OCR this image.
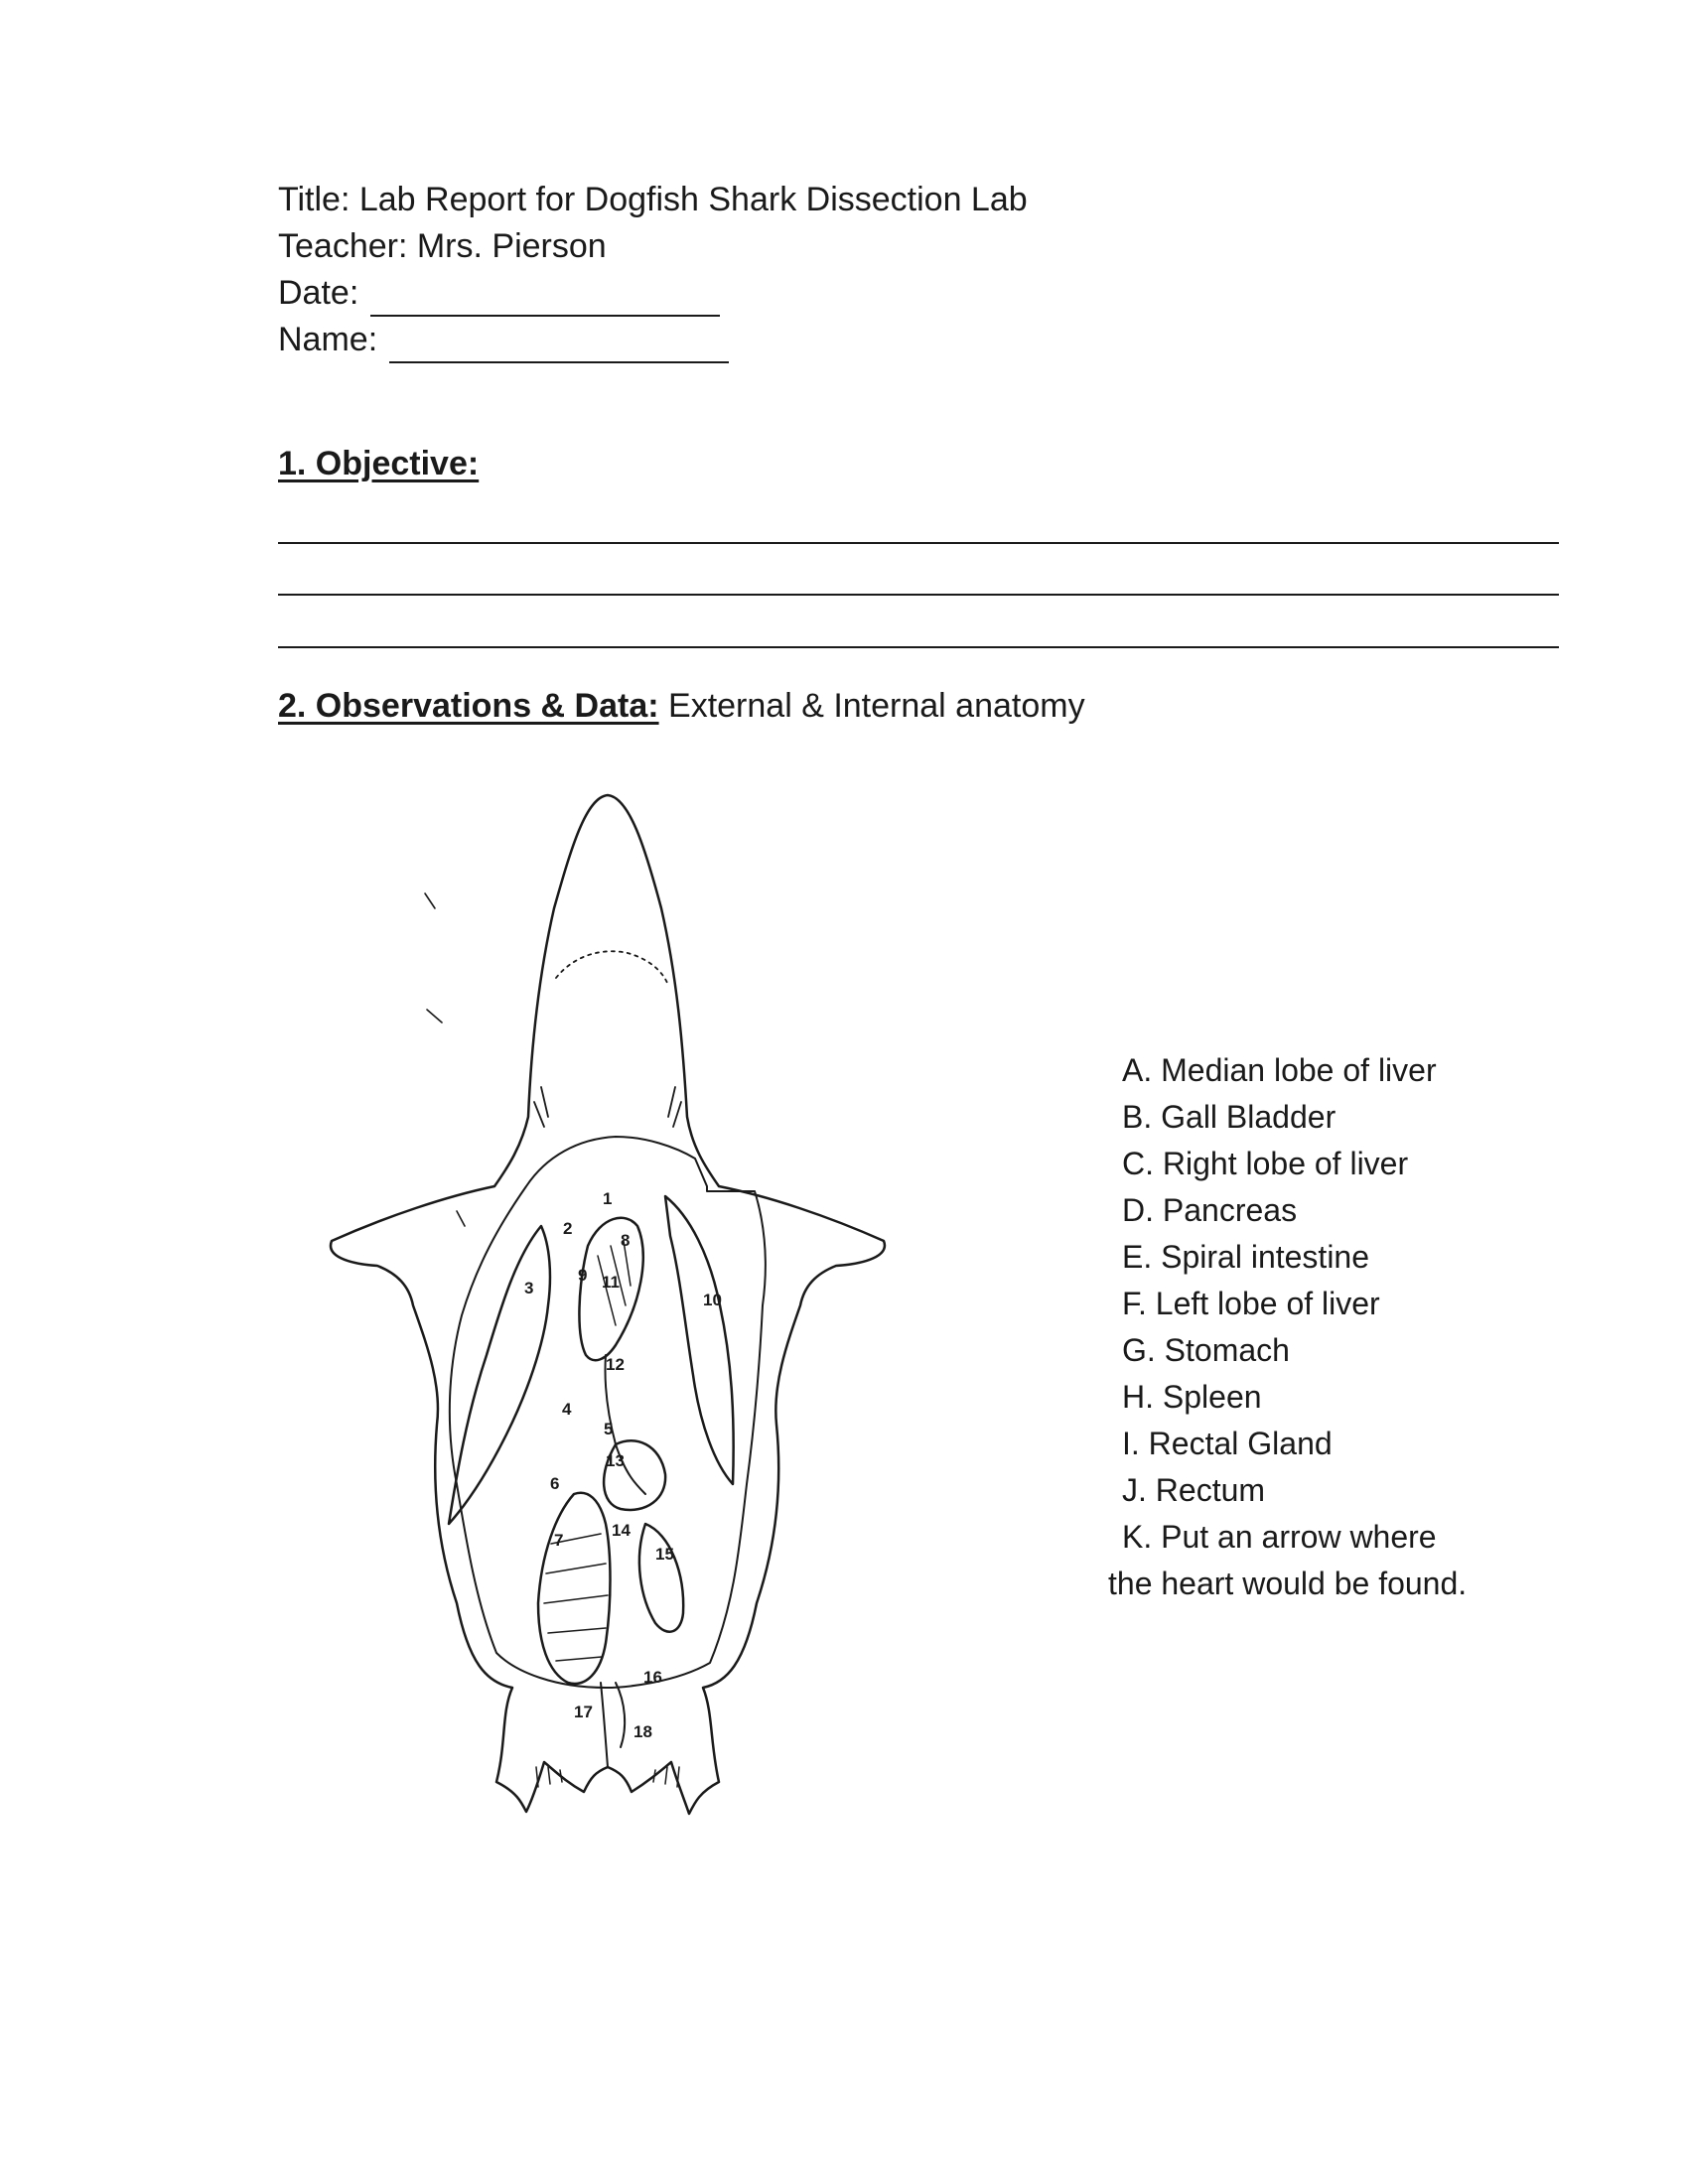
Title: Lab Report for Dogfish Shark Dissection Lab
Teacher: Mrs. Pierson
Date:
Name:
1. Objective:
2. Observations & Data: External & Internal anatomy
1
2
3
4
5
6
7
8
9
10
11
12
13
14
15
16
17
18
A. Median lobe of liver
B. Gall Bladder
C. Right lobe of liver
D. Pancreas
E. Spiral intestine
F. Left lobe of liver
G. Stomach
H. Spleen
I. Rectal Gland
J. Rectum
K. Put an arrow where
the heart would be found.
